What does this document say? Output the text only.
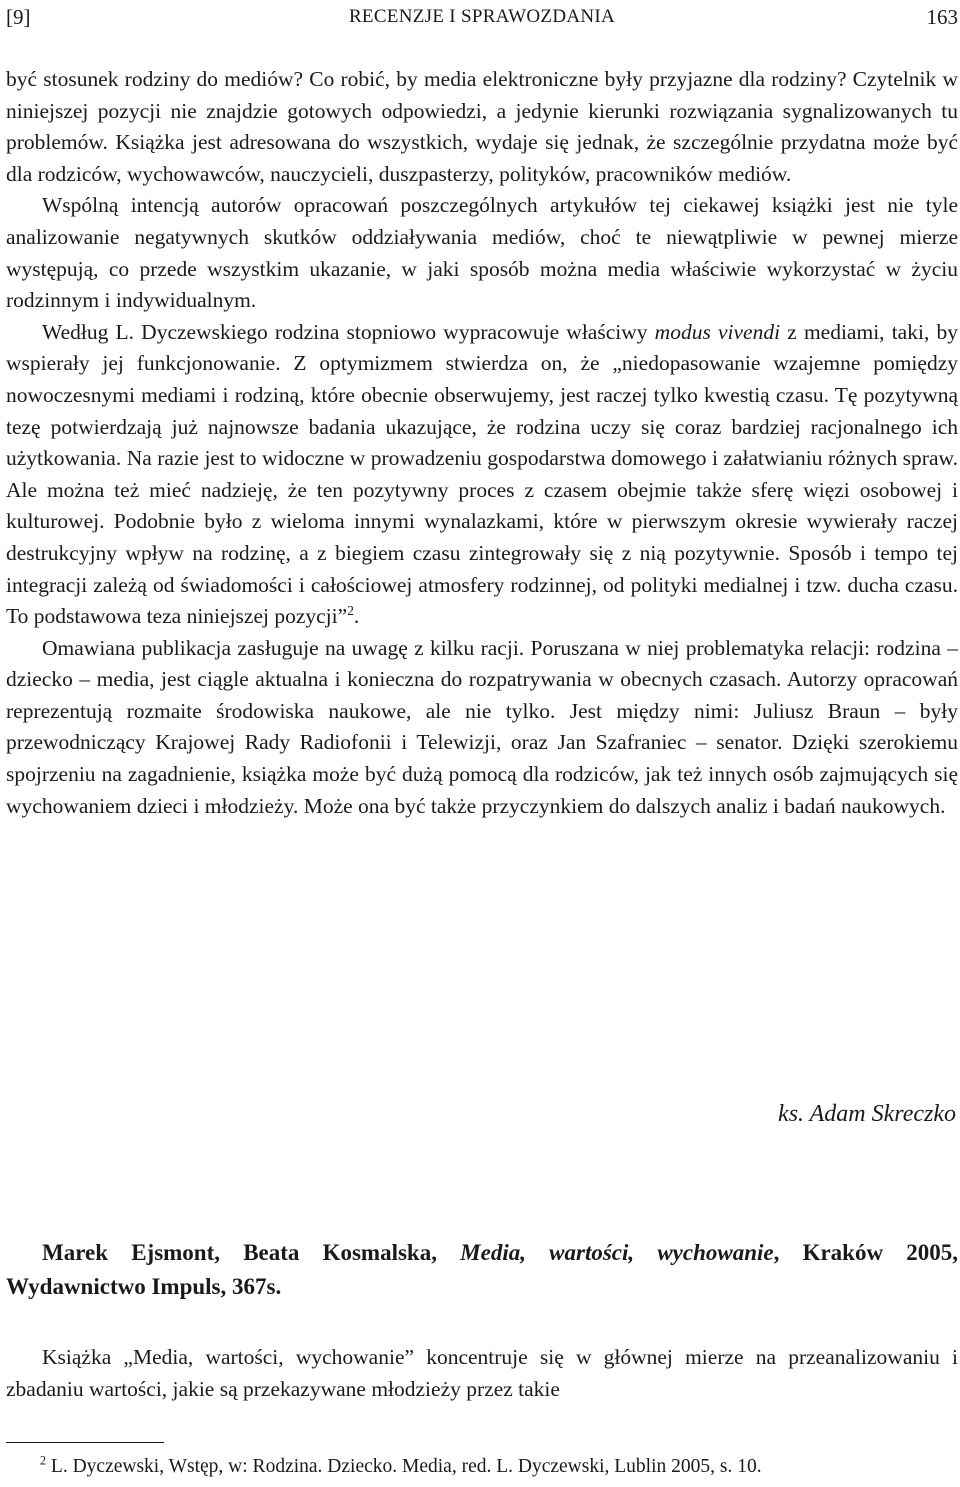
[9]	RECENZJE I SPRAWOZDANIA	163

być stosunek rodziny do mediów? Co robić, by media elektroniczne były przyjazne dla rodziny? Czytelnik w niniejszej pozycji nie znajdzie gotowych odpowiedzi, a jedynie kierunki rozwiązania sygnalizowanych tu problemów. Książka jest adresowana do wszystkich, wydaje się jednak, że szczególnie przydatna może być dla rodziców, wychowawców, nauczycieli, duszpasterzy, polityków, pracowników mediów.

Wspólną intencją autorów opracowań poszczególnych artykułów tej ciekawej książki jest nie tyle analizowanie negatywnych skutków oddziaływania mediów, choć te niewątpliwie w pewnej mierze występują, co przede wszystkim ukazanie, w jaki sposób można media właściwie wykorzystać w życiu rodzinnym i indywidualnym.

Według L. Dyczewskiego rodzina stopniowo wypracowuje właściwy modus vivendi z mediami, taki, by wspierały jej funkcjonowanie. Z optymizmem stwierdza on, że „niedopasowanie wzajemne pomiędzy nowoczesnymi mediami i rodziną, które obecnie obserwujemy, jest raczej tylko kwestią czasu. Tę pozytywną tezę potwierdzają już najnowsze badania ukazujące, że rodzina uczy się coraz bardziej racjonalnego ich użytkowania. Na razie jest to widoczne w prowadzeniu gospodarstwa domowego i załatwianiu różnych spraw. Ale można też mieć nadzieję, że ten pozytywny proces z czasem obejmie także sferę więzi osobowej i kulturowej. Podobnie było z wieloma innymi wynalazkami, które w pierwszym okresie wywierały raczej destrukcyjny wpływ na rodzinę, a z biegiem czasu zintegrowały się z nią pozytywnie. Sposób i tempo tej integracji zależą od świadomości i całościowej atmosfery rodzinnej, od polityki medialnej i tzw. ducha czasu. To podstawowa teza niniejszej pozycji”$^2$.

Omawiana publikacja zasługuje na uwagę z kilku racji. Poruszana w niej problematyka relacji: rodzina – dziecko – media, jest ciągle aktualna i konieczna do rozpatrywania w obecnych czasach. Autorzy opracowań reprezentują rozmaite środowiska naukowe, ale nie tylko. Jest między nimi: Juliusz Braun – były przewodniczący Krajowej Rady Radiofonii i Telewizji, oraz Jan Szafraniec – senator. Dzięki szerokiemu spojrzeniu na zagadnienie, książka może być dużą pomocą dla rodziców, jak też innych osób zajmujących się wychowaniem dzieci i młodzieży. Może ona być także przyczynkiem do dalszych analiz i badań naukowych.

ks. Adam Skreczko
Marek Ejsmont, Beata Kosmalska, Media, wartości, wychowanie, Kraków 2005, Wydawnictwo Impuls, 367s.
Książka „Media, wartości, wychowanie” koncentruje się w głównej mierze na przeanalizowaniu i zbadaniu wartości, jakie są przekazywane młodzieży przez takie
$^2$ L. Dyczewski, Wstęp, w: Rodzina. Dziecko. Media, red. L. Dyczewski, Lublin 2005, s. 10.
